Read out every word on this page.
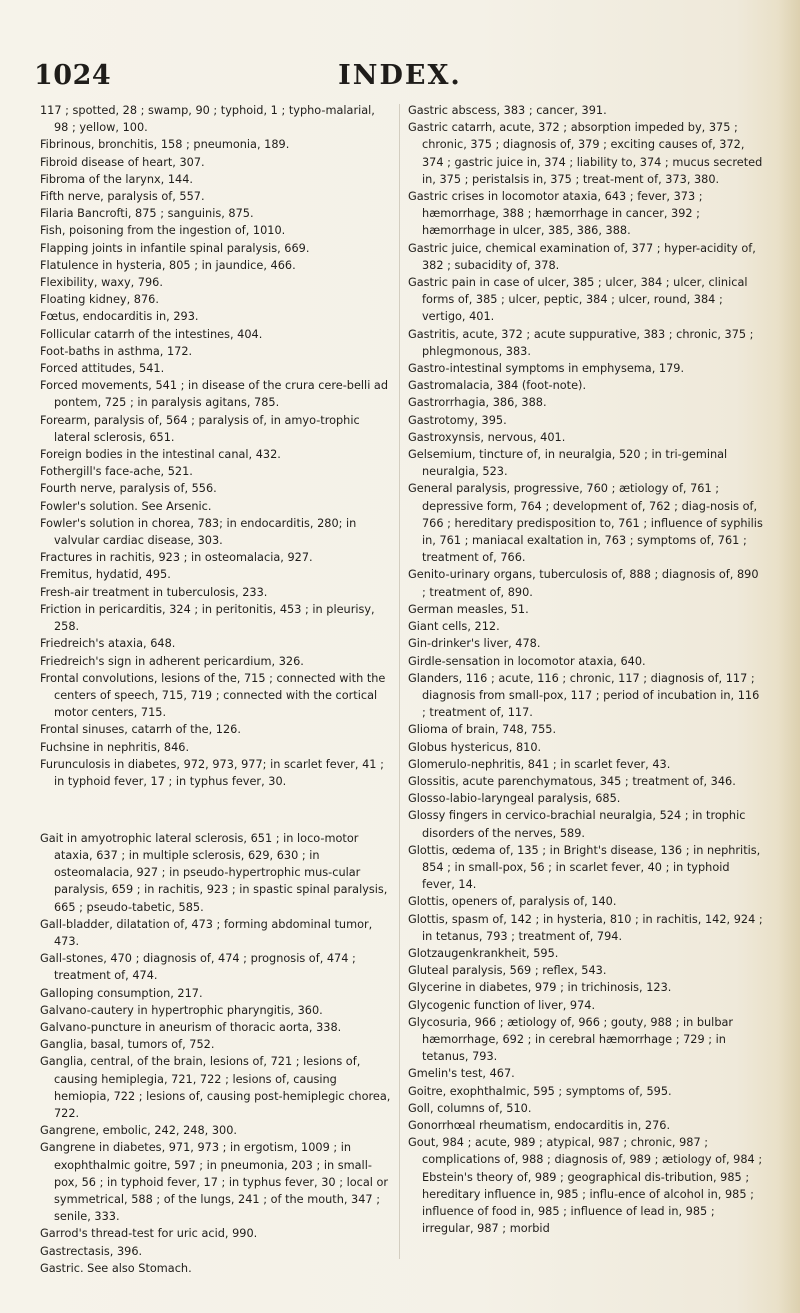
1024	INDEX.

117 ; spotted, 28 ; swamp, 90 ; typhoid, 1 ; typho-malarial, 98 ; yellow, 100.

Fibrinous, bronchitis, 158 ; pneumonia, 189.

Fibroid disease of heart, 307.

Fibroma of the larynx, 144.

Fifth nerve, paralysis of, 557.

Filaria Bancrofti, 875 ; sanguinis, 875.

Fish, poisoning from the ingestion of, 1010.

Flapping joints in infantile spinal paralysis, 669.

Flatulence in hysteria, 805 ; in jaundice, 466.

Flexibility, waxy, 796.

Floating kidney, 876.

Fœtus, endocarditis in, 293.

Follicular catarrh of the intestines, 404.

Foot-baths in asthma, 172.

Forced attitudes, 541.

Forced movements, 541 ; in disease of the crura cere-belli ad pontem, 725 ; in paralysis agitans, 785.

Forearm, paralysis of, 564 ; paralysis of, in amyo-trophic lateral sclerosis, 651.

Foreign bodies in the intestinal canal, 432.

Fothergill's face-ache, 521.

Fourth nerve, paralysis of, 556.

Fowler's solution. See Arsenic.

Fowler's solution in chorea, 783; in endocarditis, 280; in valvular cardiac disease, 303.

Fractures in rachitis, 923 ; in osteomalacia, 927.

Fremitus, hydatid, 495.

Fresh-air treatment in tuberculosis, 233.

Friction in pericarditis, 324 ; in peritonitis, 453 ; in pleurisy, 258.

Friedreich's ataxia, 648.

Friedreich's sign in adherent pericardium, 326.

Frontal convolutions, lesions of the, 715 ; connected with the centers of speech, 715, 719 ; connected with the cortical motor centers, 715.

Frontal sinuses, catarrh of the, 126.

Fuchsine in nephritis, 846.

Furunculosis in diabetes, 972, 973, 977; in scarlet fever, 41 ; in typhoid fever, 17 ; in typhus fever, 30.

Gait in amyotrophic lateral sclerosis, 651 ; in loco-motor ataxia, 637 ; in multiple sclerosis, 629, 630 ; in osteomalacia, 927 ; in pseudo-hypertrophic mus-cular paralysis, 659 ; in rachitis, 923 ; in spastic spinal paralysis, 665 ; pseudo-tabetic, 585.

Gall-bladder, dilatation of, 473 ; forming abdominal tumor, 473.

Gall-stones, 470 ; diagnosis of, 474 ; prognosis of, 474 ; treatment of, 474.

Galloping consumption, 217.

Galvano-cautery in hypertrophic pharyngitis, 360.

Galvano-puncture in aneurism of thoracic aorta, 338.

Ganglia, basal, tumors of, 752.

Ganglia, central, of the brain, lesions of, 721 ; lesions of, causing hemiplegia, 721, 722 ; lesions of, causing hemiopia, 722 ; lesions of, causing post-hemiplegic chorea, 722.

Gangrene, embolic, 242, 248, 300.

Gangrene in diabetes, 971, 973 ; in ergotism, 1009 ; in exophthalmic goitre, 597 ; in pneumonia, 203 ; in small-pox, 56 ; in typhoid fever, 17 ; in typhus fever, 30 ; local or symmetrical, 588 ; of the lungs, 241 ; of the mouth, 347 ; senile, 333.

Garrod's thread-test for uric acid, 990.

Gastrectasis, 396.

Gastric. See also Stomach.

Gastric abscess, 383 ; cancer, 391.

Gastric catarrh, acute, 372 ; absorption impeded by, 375 ; chronic, 375 ; diagnosis of, 379 ; exciting causes of, 372, 374 ; gastric juice in, 374 ; liability to, 374 ; mucus secreted in, 375 ; peristalsis in, 375 ; treat-ment of, 373, 380.

Gastric crises in locomotor ataxia, 643 ; fever, 373 ; hæmorrhage, 388 ; hæmorrhage in cancer, 392 ; hæmorrhage in ulcer, 385, 386, 388.

Gastric juice, chemical examination of, 377 ; hyper-acidity of, 382 ; subacidity of, 378.

Gastric pain in case of ulcer, 385 ; ulcer, 384 ; ulcer, clinical forms of, 385 ; ulcer, peptic, 384 ; ulcer, round, 384 ; vertigo, 401.

Gastritis, acute, 372 ; acute suppurative, 383 ; chronic, 375 ; phlegmonous, 383.

Gastro-intestinal symptoms in emphysema, 179.

Gastromalacia, 384 (foot-note).

Gastrorrhagia, 386, 388.

Gastrotomy, 395.

Gastroxynsis, nervous, 401.

Gelsemium, tincture of, in neuralgia, 520 ; in tri-geminal neuralgia, 523.

General paralysis, progressive, 760 ; ætiology of, 761 ; depressive form, 764 ; development of, 762 ; diag-nosis of, 766 ; hereditary predisposition to, 761 ; influence of syphilis in, 761 ; maniacal exaltation in, 763 ; symptoms of, 761 ; treatment of, 766.

Genito-urinary organs, tuberculosis of, 888 ; diagnosis of, 890 ; treatment of, 890.

German measles, 51.

Giant cells, 212.

Gin-drinker's liver, 478.

Girdle-sensation in locomotor ataxia, 640.

Glanders, 116 ; acute, 116 ; chronic, 117 ; diagnosis of, 117 ; diagnosis from small-pox, 117 ; period of incubation in, 116 ; treatment of, 117.

Glioma of brain, 748, 755.

Globus hystericus, 810.

Glomerulo-nephritis, 841 ; in scarlet fever, 43.

Glossitis, acute parenchymatous, 345 ; treatment of, 346.

Glosso-labio-laryngeal paralysis, 685.

Glossy fingers in cervico-brachial neuralgia, 524 ; in trophic disorders of the nerves, 589.

Glottis, œdema of, 135 ; in Bright's disease, 136 ; in nephritis, 854 ; in small-pox, 56 ; in scarlet fever, 40 ; in typhoid fever, 14.

Glottis, openers of, paralysis of, 140.

Glottis, spasm of, 142 ; in hysteria, 810 ; in rachitis, 142, 924 ; in tetanus, 793 ; treatment of, 794.

Glotzaugenkrankheit, 595.

Gluteal paralysis, 569 ; reflex, 543.

Glycerine in diabetes, 979 ; in trichinosis, 123.

Glycogenic function of liver, 974.

Glycosuria, 966 ; ætiology of, 966 ; gouty, 988 ; in bulbar hæmorrhage, 692 ; in cerebral hæmorrhage ; 729 ; in tetanus, 793.

Gmelin's test, 467.

Goitre, exophthalmic, 595 ; symptoms of, 595.

Goll, columns of, 510.

Gonorrhœal rheumatism, endocarditis in, 276.

Gout, 984 ; acute, 989 ; atypical, 987 ; chronic, 987 ; complications of, 988 ; diagnosis of, 989 ; ætiology of, 984 ; Ebstein's theory of, 989 ; geographical dis-tribution, 985 ; hereditary influence in, 985 ; influ-ence of alcohol in, 985 ; influence of food in, 985 ; influence of lead in, 985 ; irregular, 987 ; morbid
